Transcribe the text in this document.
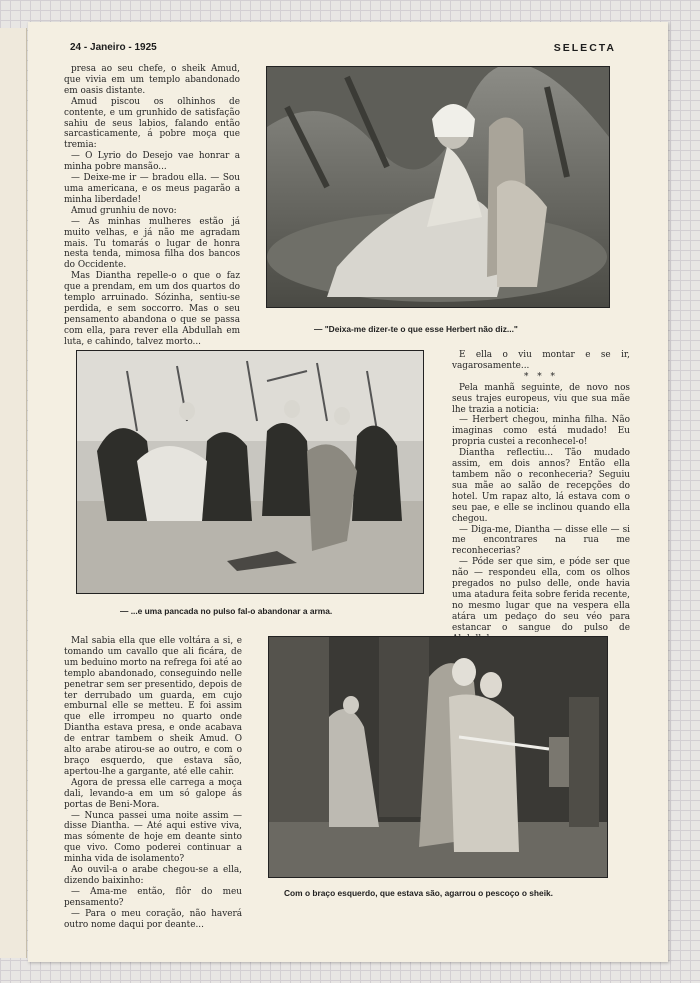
24 - Janeiro - 1925	SELECTA

presa ao seu chefe, o sheik Amud, que vivia em um templo abandonado em oasis distante.

Amud piscou os olhinhos de contente, e um grunhido de satisfação sahiu de seus labios, falando então sarcasticamente, á pobre moça que tremia:

— O Lyrio do Desejo vae honrar a minha pobre mansão...

— Deixe-me ir — bradou ella. — Sou uma americana, e os meus pagarão a minha liberdade!

Amud grunhiu de novo:

— As minhas mulheres estão já muito velhas, e já não me agradam mais. Tu tomarás o lugar de honra nesta tenda, mimosa filha dos bancos do Occidente.

Mas Diantha repelle-o o que o faz que a prendam, em um dos quartos do templo arruinado. Sózinha, sentiu-se perdida, e sem soccorro. Mas o seu pensamento abandona o que se passa com ella, para rever ella Abdullah em luta, e cahindo, talvez morto...

— "Deixa-me dizer-te o que esse Herbert não diz..."
— ...e uma pancada no pulso fal-o abandonar a arma.

E ella o viu montar e se ir, vagarosamente...

* * *

Pela manhã seguinte, de novo nos seus trajes europeus, viu que sua mãe lhe trazia a noticia:

— Herbert chegou, minha filha. Não imaginas como está mudado! Eu propria custei a reconhecel-o!

Diantha reflectiu... Tão mudado assim, em dois annos? Então ella tambem não o reconheceria? Seguiu sua mãe ao salão de recepções do hotel. Um rapaz alto, lá estava com o seu pae, e elle se inclinou quando ella chegou.

— Diga-me, Diantha — disse elle — si me encontrares na rua me reconhecerias?

— Póde ser que sim, e póde ser que não — respondeu ella, com os olhos pregados no pulso delle, onde havia uma atadura feita sobre ferida recente, no mesmo lugar que na vespera ella atára um pedaço do seu véo para estancar o sangue do pulso de

Mal sabia ella que elle voltára a si, e tomando um cavallo que ali ficára, de um beduino morto na refrega foi até ao templo abandonado, conseguindo nelle penetrar sem ser presentido, depois de ter derrubado um guarda, em cujo emburnal elle se metteu. E foi assim que elle irrompeu no quarto onde Diantha estava presa, e onde acabava de entrar tambem o sheik Amud. O alto arabe atirou-se ao outro, e com o braço esquerdo, que estava são, apertou-lhe a gargante, até elle cahir.

Agora de pressa elle carrega a moça dali, levando-a em um só galope ás portas de Beni-Mora.

— Nunca passei uma noite assim — disse Diantha. — Até aqui estive viva, mas sómente de hoje em deante sinto que vivo. Como poderei continuar a minha vida de isolamento?

Ao ouvil-a o arabe chegou-se a ella, dizendo baixinho:

— Ama-me então, flôr do meu pensamento?

— Para o meu coração, não haverá outro nome daqui por deante...

Com o braço esquerdo, que estava são, agarrou o pescoço o sheik.
